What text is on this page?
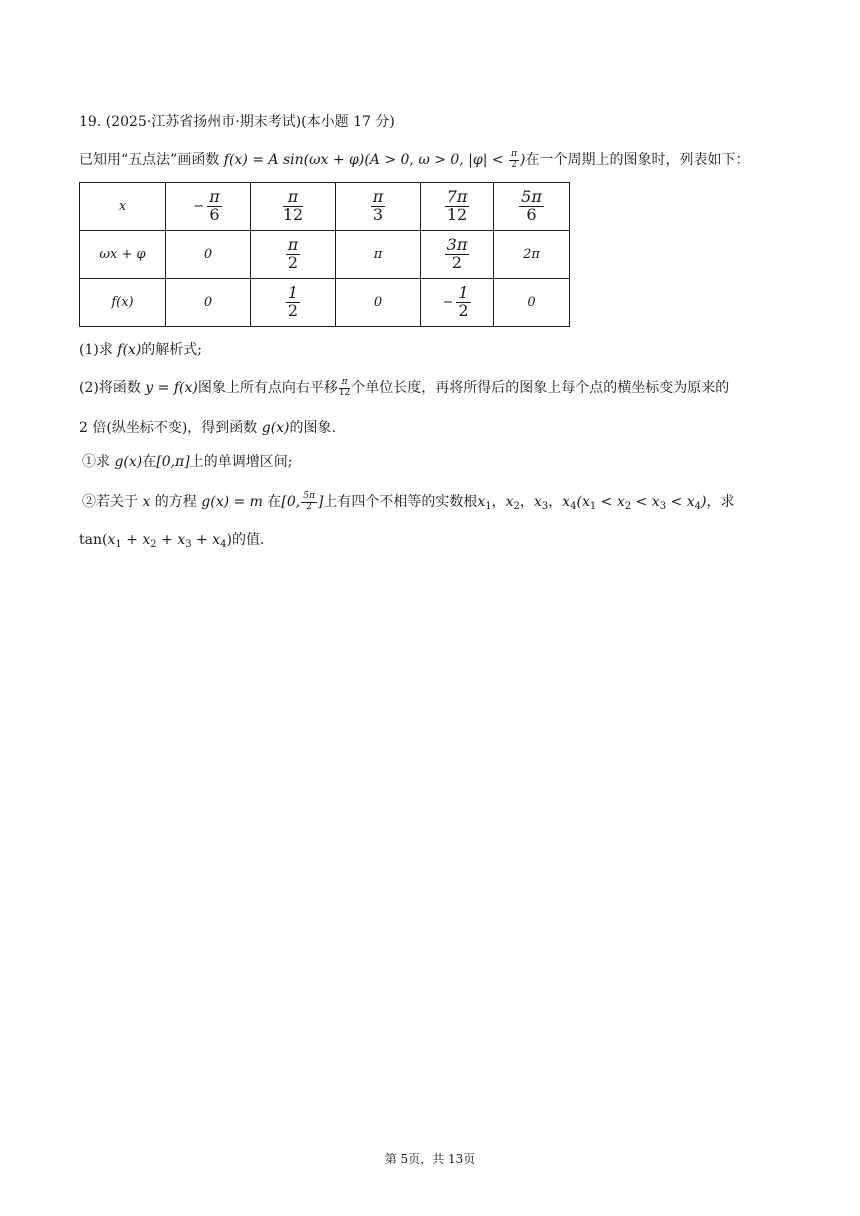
19. (2025·江苏省扬州市·期末考试)(本小题 17 分)
已知用“五点法”画函数 f(x) = A sin(ωx + φ)(A > 0, ω > 0, $|\varphi| < \frac{\pi}{2}$ )在一个周期上的图象时，列表如下：
x	− $\frac{\pi}{6}$	$\frac{\pi}{12}$	$\frac{\pi}{3}$	$\frac{7\pi}{12}$	$\frac{5\pi}{6}$

ωx + φ	0	$\frac{\pi}{2}$	π	$\frac{3\pi}{2}$	2π
f(x)	0	$\frac{1}{2}$	0	− $\frac{1}{2}$	0
(1)求 f(x)的解析式;
(2)将函数 y = f(x)图象上所有点向右平移 $\frac{\pi}{12}$ 个单位长度，再将所得后的图象上每个点的横坐标变为原来的
2 倍(纵坐标不变)，得到函数 g(x)的图象.
①求 g(x)在[0,π]上的单调增区间;
②若关于 x 的方程 g(x) = m 在[0, $\frac{5\pi}{2}$ ]上有四个不相等的实数根$x_1$，$x_2$，$x_3$，$x_4(x_1 < x_2 < x_3 < x_4)$，求
$\tan(x_1 + x_2 + x_3 + x_4)$的值.
第 5页，共 13页
